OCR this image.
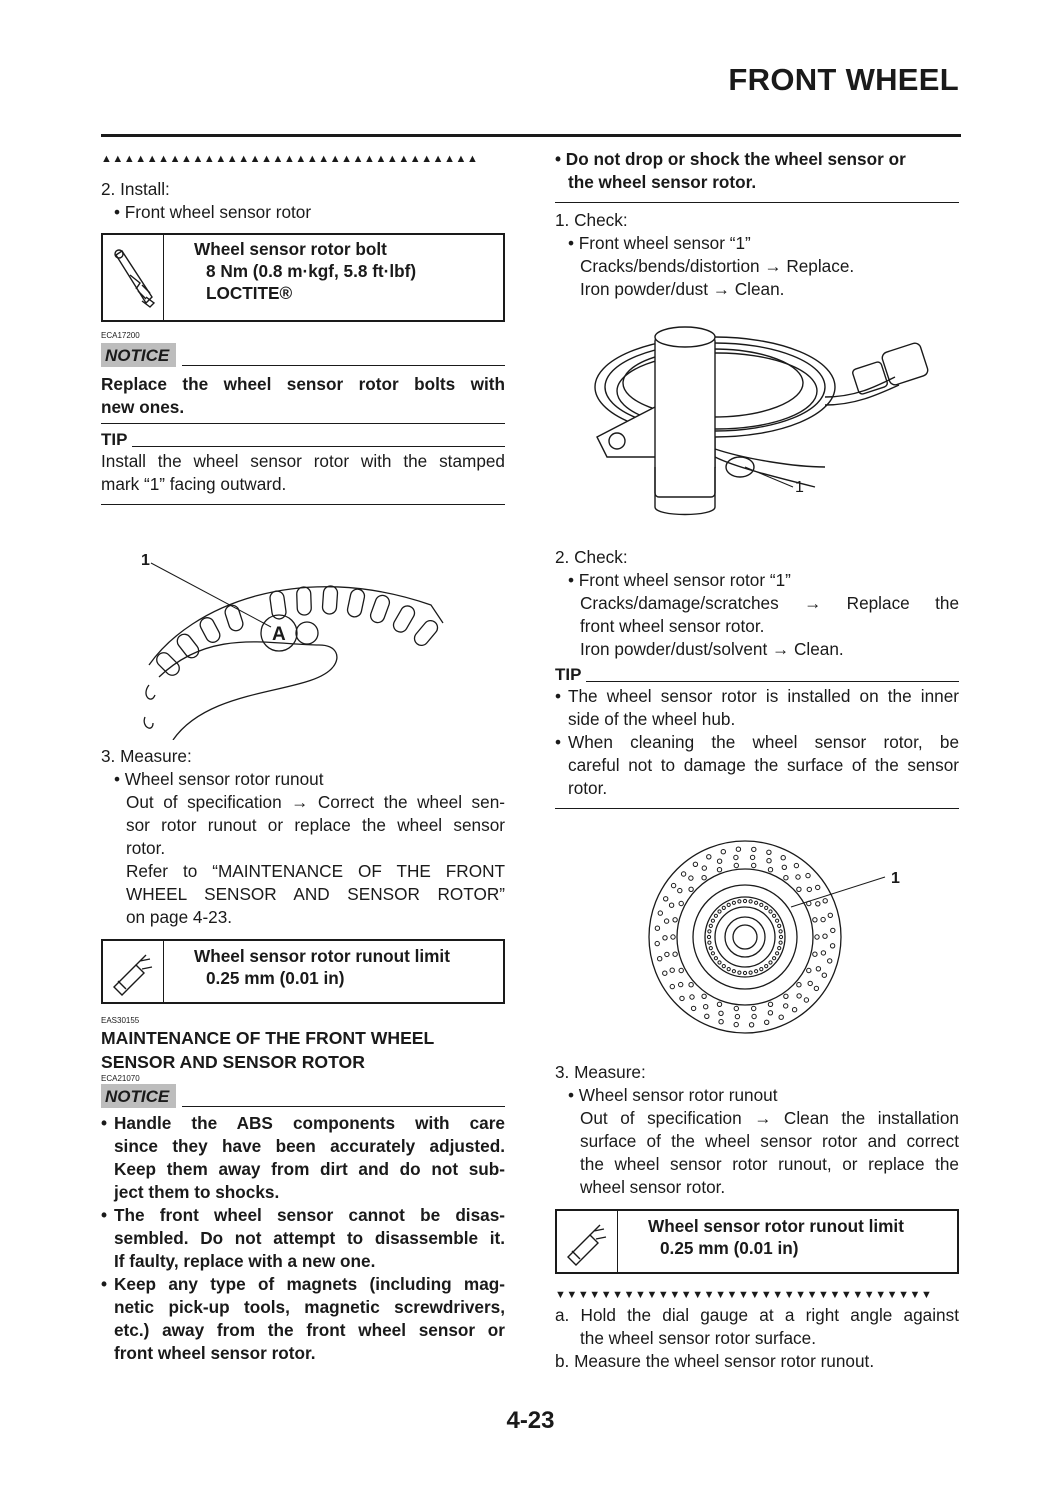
FRONT WHEEL
▲▲▲▲▲▲▲▲▲▲▲▲▲▲▲▲▲▲▲▲▲▲▲▲▲▲▲▲▲▲▲▲▲
2. Install:
• Front wheel sensor rotor
Wheel sensor rotor bolt
8 Nm (0.8 m·kgf, 5.8 ft·lbf)
LOCTITE®
ECA17200
NOTICE
Replace the wheel sensor rotor bolts with
new ones.
TIP
Install the wheel sensor rotor with the stamped
mark “1” facing outward.
1
A
3. Measure:
• Wheel sensor rotor runout
Out of specification → Correct the wheel sen-
sor rotor runout or replace the wheel sensor
rotor.
Refer to “MAINTENANCE OF THE FRONT
WHEEL SENSOR AND SENSOR ROTOR”
on page 4-23.
Wheel sensor rotor runout limit
0.25 mm (0.01 in)
EAS30155
MAINTENANCE OF THE FRONT WHEEL
SENSOR AND SENSOR ROTOR
ECA21070
NOTICE
• Handle the ABS components with care
since they have been accurately adjusted.
Keep them away from dirt and do not sub-
ject them to shocks.
• The front wheel sensor cannot be disas-
sembled. Do not attempt to disassemble it.
If faulty, replace with a new one.
• Keep any type of magnets (including mag-
netic pick-up tools, magnetic screwdrivers,
etc.) away from the front wheel sensor or
front wheel sensor rotor.
• Do not drop or shock the wheel sensor or
the wheel sensor rotor.
1. Check:
• Front wheel sensor “1”
Cracks/bends/distortion → Replace.
Iron powder/dust → Clean.
1
2. Check:
• Front wheel sensor rotor “1”
Cracks/damage/scratches → Replace the
front wheel sensor rotor.
Iron powder/dust/solvent → Clean.
TIP
• The wheel sensor rotor is installed on the inner
side of the wheel hub.
• When cleaning the wheel sensor rotor, be
careful not to damage the surface of the sensor
rotor.
1
3. Measure:
• Wheel sensor rotor runout
Out of specification → Clean the installation
surface of the wheel sensor rotor and correct
the wheel sensor rotor runout, or replace the
wheel sensor rotor.
Wheel sensor rotor runout limit
0.25 mm (0.01 in)
▼▼▼▼▼▼▼▼▼▼▼▼▼▼▼▼▼▼▼▼▼▼▼▼▼▼▼▼▼▼▼▼▼
a. Hold the dial gauge at a right angle against
the wheel sensor rotor surface.
b. Measure the wheel sensor rotor runout.
4-23
